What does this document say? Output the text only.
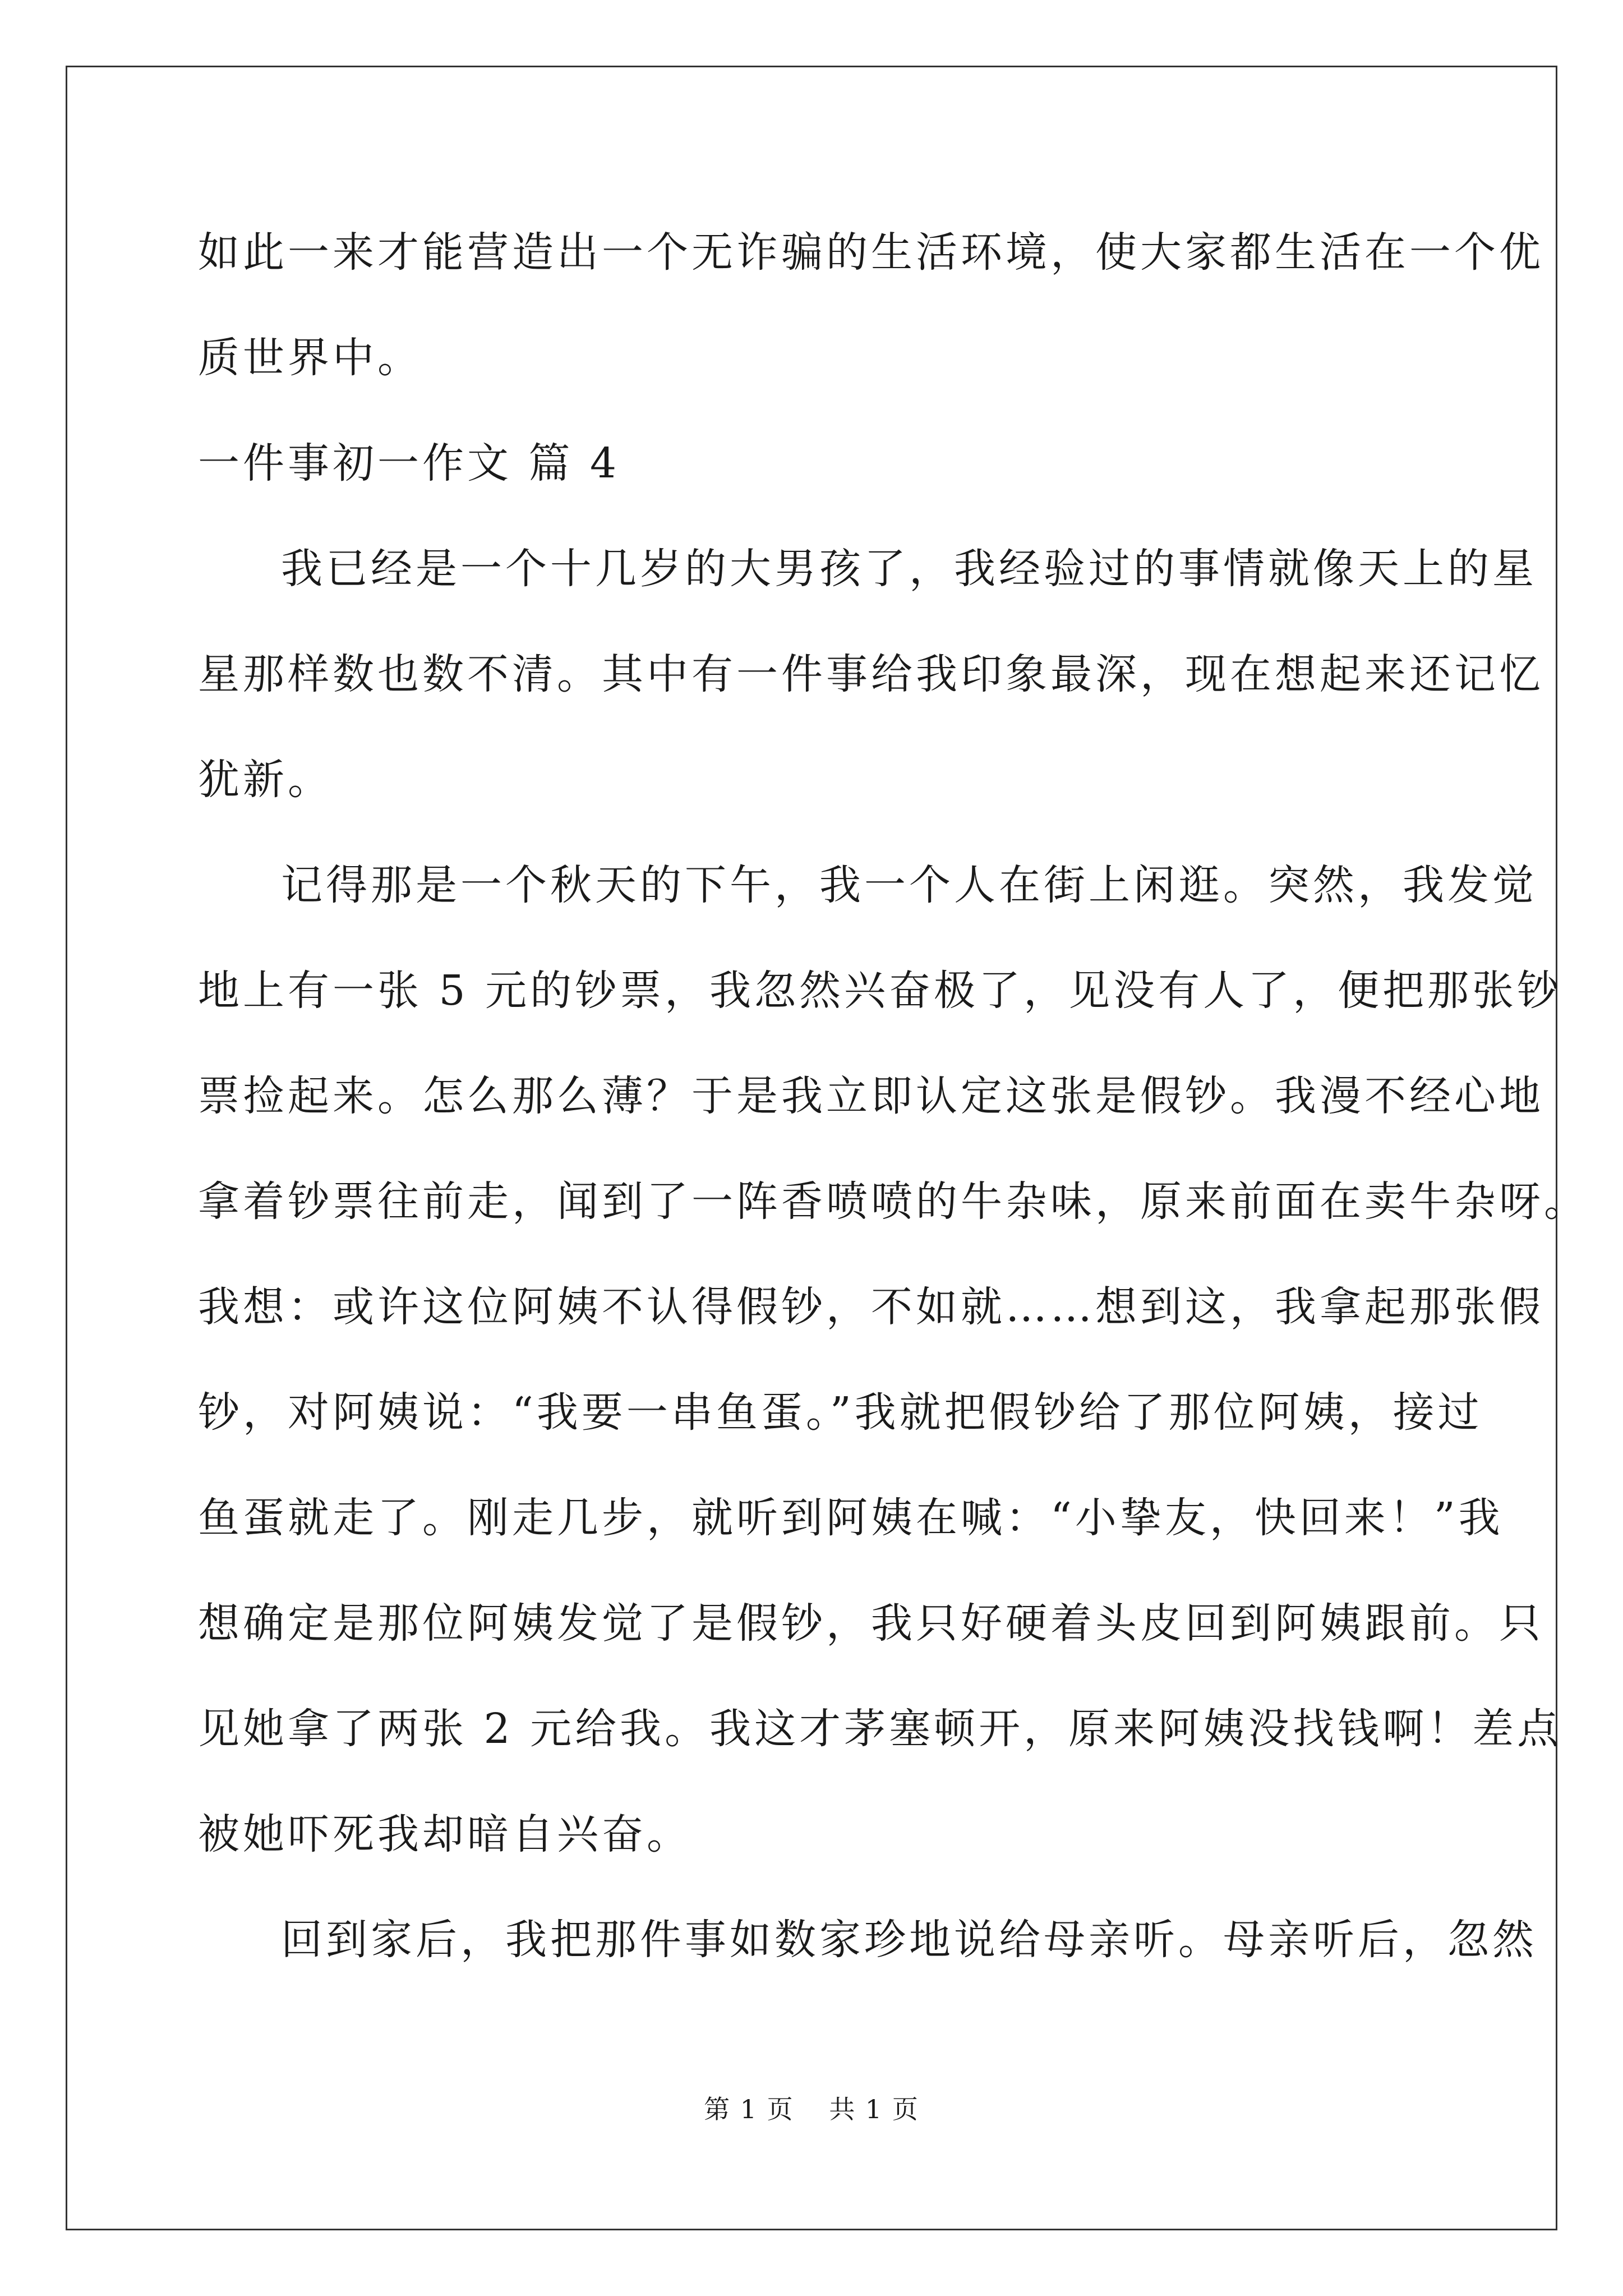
如此一来才能营造出一个无诈骗的生活环境，使大家都生活在一个优
质世界中。
一件事初一作文 篇 4
我已经是一个十几岁的大男孩了，我经验过的事情就像天上的星
星那样数也数不清。其中有一件事给我印象最深，现在想起来还记忆
犹新。
记得那是一个秋天的下午，我一个人在街上闲逛。突然，我发觉
地上有一张 5 元的钞票，我忽然兴奋极了，见没有人了，便把那张钞
票捡起来。怎么那么薄？于是我立即认定这张是假钞。我漫不经心地
拿着钞票往前走，闻到了一阵香喷喷的牛杂味，原来前面在卖牛杂呀。
我想：或许这位阿姨不认得假钞，不如就……想到这，我拿起那张假
钞，对阿姨说：“我要一串鱼蛋。”我就把假钞给了那位阿姨，接过
鱼蛋就走了。刚走几步，就听到阿姨在喊：“小挚友，快回来！”我
想确定是那位阿姨发觉了是假钞，我只好硬着头皮回到阿姨跟前。只
见她拿了两张 2 元给我。我这才茅塞顿开，原来阿姨没找钱啊！差点
被她吓死我却暗自兴奋。
回到家后，我把那件事如数家珍地说给母亲听。母亲听后，忽然
第 1 页 共 1 页
